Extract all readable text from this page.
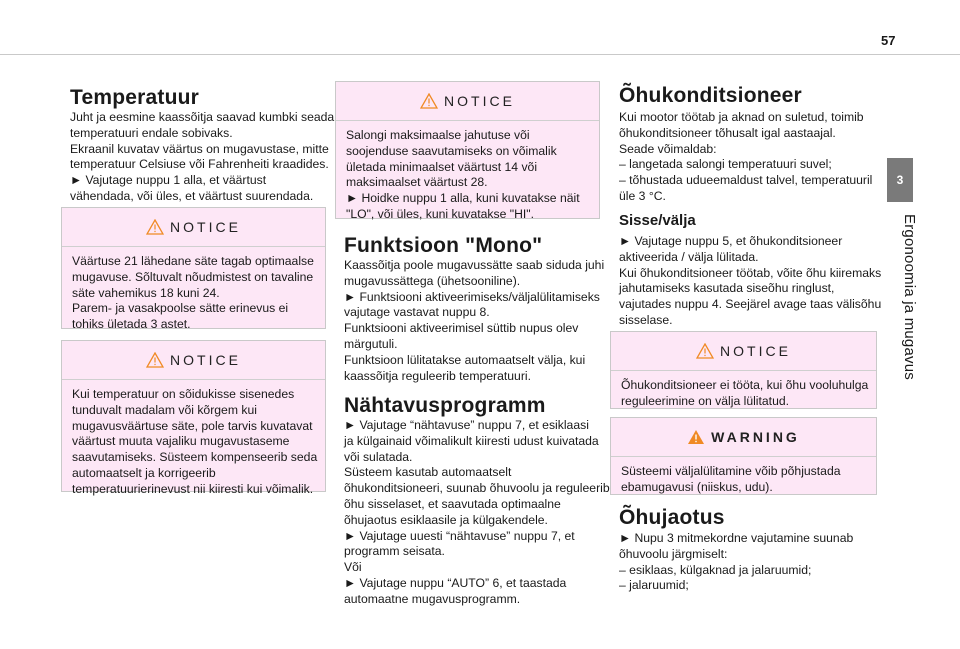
57
3
Ergonoomia ja mugavus
Temperatuur
Juht ja eesmine kaassõitja saavad kumbki seada
temperatuuri endale sobivaks.
Ekraanil kuvatav väärtus on mugavustase, mitte
temperatuur Celsiuse või Fahrenheiti kraadides.
► Vajutage nuppu 1 alla, et väärtust
vähendada, või üles, et väärtust suurendada.
NOTICE
Väärtuse 21 lähedane säte tagab optimaalse
mugavuse. Sõltuvalt nõudmistest on tavaline
säte vahemikus 18 kuni 24.
Parem- ja vasakpoolse sätte erinevus ei
tohiks ületada 3 astet.
NOTICE
Kui temperatuur on sõidukisse sisenedes
tunduvalt madalam või kõrgem kui
mugavusväärtuse säte, pole tarvis kuvatavat
väärtust muuta vajaliku mugavustaseme
saavutamiseks. Süsteem kompenseerib seda
automaatselt ja korrigeerib
temperatuurierinevust nii kiiresti kui võimalik.
NOTICE
Salongi maksimaalse jahutuse või
soojenduse saavutamiseks on võimalik
ületada minimaalset väärtust 14 või
maksimaalset väärtust 28.
► Hoidke nuppu 1 alla, kuni kuvatakse näit
"LO", või üles, kuni kuvatakse "HI".
Funktsioon "Mono"
Kaassõitja poole mugavussätte saab siduda juhi
mugavussättega (ühetsooniline).
► Funktsiooni aktiveerimiseks/väljalülitamiseks
vajutage vastavat nuppu 8.
Funktsiooni aktiveerimisel süttib nupus olev
märgutuli.
Funktsioon lülitatakse automaatselt välja, kui
kaassõitja reguleerib temperatuuri.
Nähtavusprogramm
► Vajutage “nähtavuse” nuppu 7, et esiklaasi
ja külgainaid võimalikult kiiresti udust kuivatada
või sulatada.
Süsteem kasutab automaatselt
õhukonditsioneeri, suunab õhuvoolu ja reguleerib
õhu sisselaset, et saavutada optimaalne
õhujaotus esiklaasile ja külgakendele.
► Vajutage uuesti “nähtavuse” nuppu 7, et
programm seisata.
Või
► Vajutage nuppu “AUTO” 6, et taastada
automaatne mugavusprogramm.
Õhukonditsioneer
Kui mootor töötab ja aknad on suletud, toimib
õhukonditsioneer tõhusalt igal aastaajal.
Seade võimaldab:
– langetada salongi temperatuuri suvel;
– tõhustada udueemaldust talvel, temperatuuril
üle 3 °C.
Sisse/välja
► Vajutage nuppu 5, et õhukonditsioneer
aktiveerida / välja lülitada.
Kui õhukonditsioneer töötab, võite õhu kiiremaks
jahutamiseks kasutada siseõhu ringlust,
vajutades nuppu 4. Seejärel avage taas välisõhu
sisselase.
NOTICE
Õhukonditsioneer ei tööta, kui õhu vooluhulga
reguleerimine on välja lülitatud.
WARNING
Süsteemi väljalülitamine võib põhjustada
ebamugavusi (niiskus, udu).
Õhujaotus
► Nupu 3 mitmekordne vajutamine suunab
õhuvoolu järgmiselt:
– esiklaas, külgaknad ja jalaruumid;
– jalaruumid;
